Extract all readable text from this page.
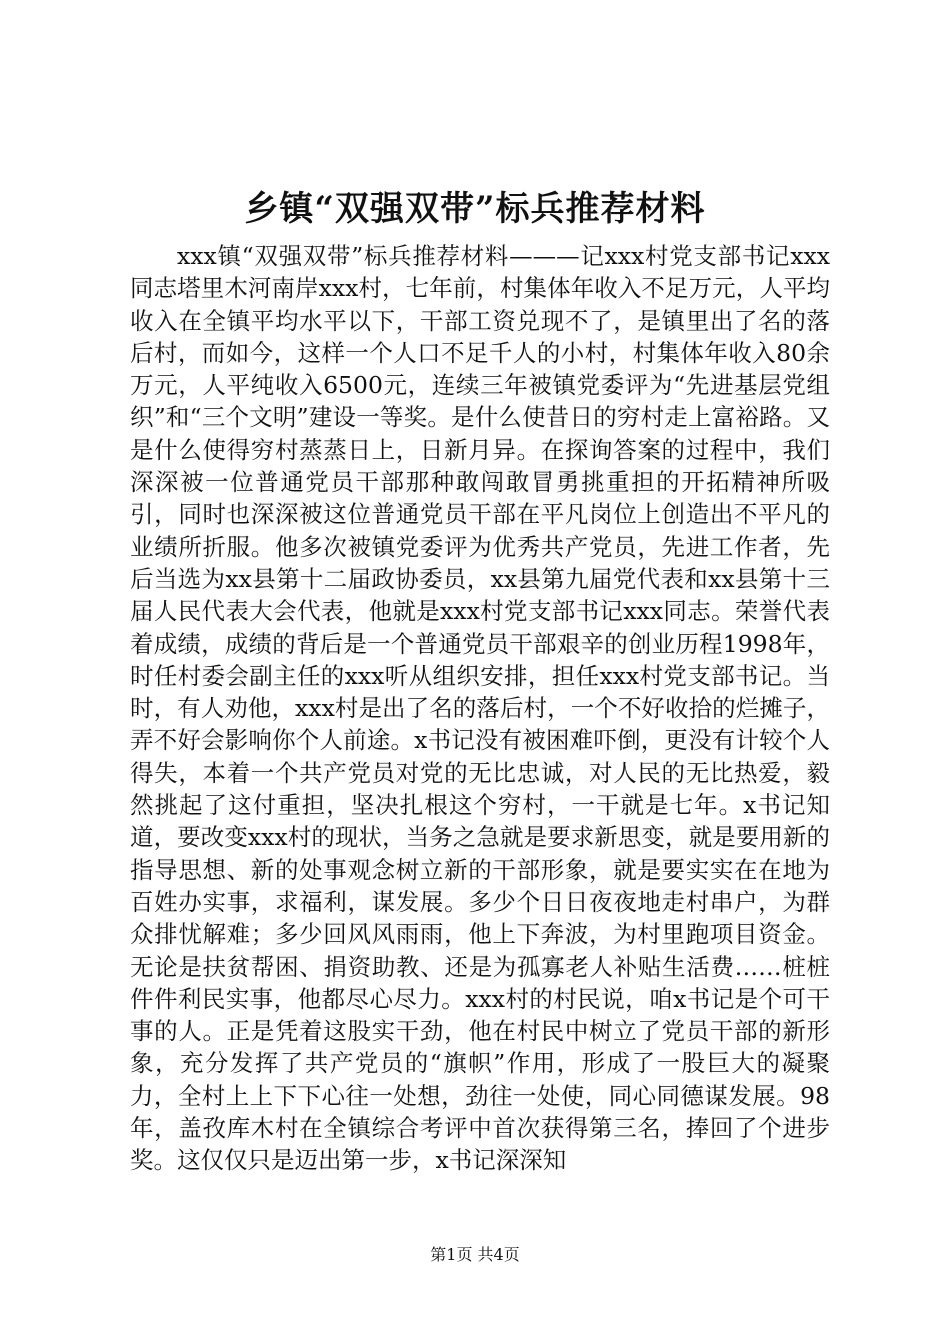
乡镇“双强双带”标兵推荐材料

xxx镇“双强双带”标兵推荐材料———记xxx村党支部书记xxx同志塔里木河南岸xxx村，七年前，村集体年收入不足万元，人平均收入在全镇平均水平以下，干部工资兑现不了，是镇里出了名的落后村，而如今，这样一个人口不足千人的小村，村集体年收入80余万元，人平纯收入6500元，连续三年被镇党委评为“先进基层党组织”和“三个文明”建设一等奖。是什么使昔日的穷村走上富裕路。又是什么使得穷村蒸蒸日上，日新月异。在探询答案的过程中，我们深深被一位普通党员干部那种敢闯敢冒勇挑重担的开拓精神所吸引，同时也深深被这位普通党员干部在平凡岗位上创造出不平凡的业绩所折服。他多次被镇党委评为优秀共产党员，先进工作者，先后当选为xx县第十二届政协委员，xx县第九届党代表和xx县第十三届人民代表大会代表，他就是xxx村党支部书记xxx同志。荣誉代表着成绩，成绩的背后是一个普通党员干部艰辛的创业历程1998年，时任村委会副主任的xxx听从组织安排，担任xxx村党支部书记。当时，有人劝他，xxx村是出了名的落后村，一个不好收拾的烂摊子，弄不好会影响你个人前途。x书记没有被困难吓倒，更没有计较个人得失，本着一个共产党员对党的无比忠诚，对人民的无比热爱，毅然挑起了这付重担，坚决扎根这个穷村，一干就是七年。x书记知道，要改变xxx村的现状，当务之急就是要求新思变，就是要用新的指导思想、新的处事观念树立新的干部形象，就是要实实在在地为百姓办实事，求福利，谋发展。多少个日日夜夜地走村串户，为群众排忧解难；多少回风风雨雨，他上下奔波，为村里跑项目资金。无论是扶贫帮困、捐资助教、还是为孤寡老人补贴生活费……桩桩件件利民实事，他都尽心尽力。xxx村的村民说，咱x书记是个可干事的人。正是凭着这股实干劲，他在村民中树立了党员干部的新形象，充分发挥了共产党员的“旗帜”作用，形成了一股巨大的凝聚力，全村上上下下心往一处想，劲往一处使，同心同德谋发展。98年，盖孜库木村在全镇综合考评中首次获得第三名，捧回了个进步奖。这仅仅只是迈出第一步，x书记深深知

第1页 共4页
